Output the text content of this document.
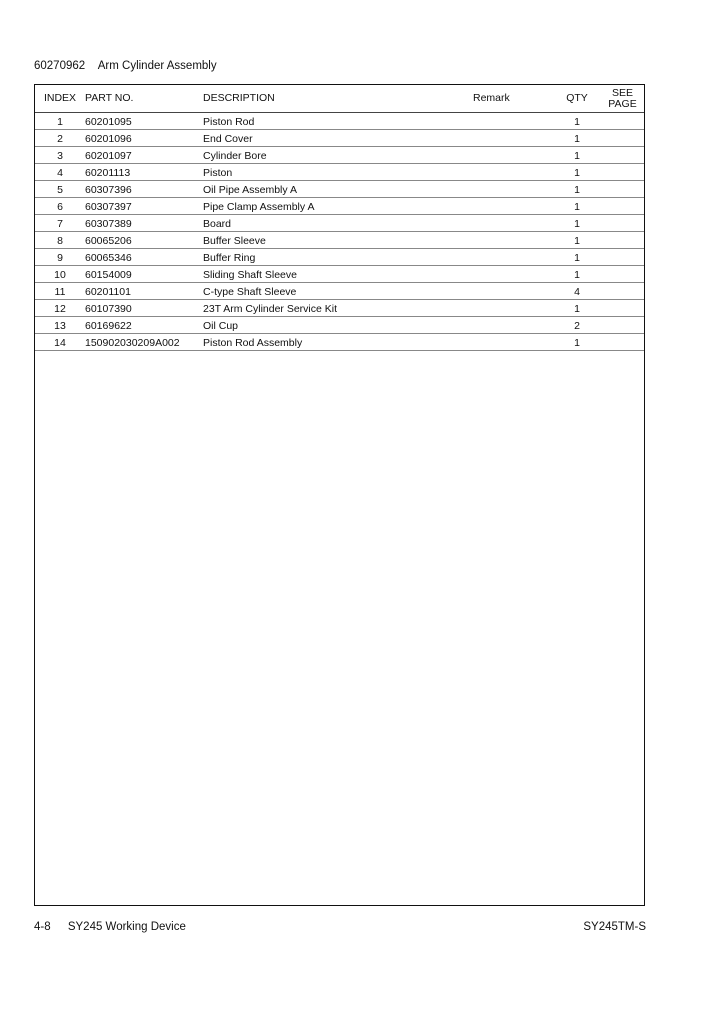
60270962 Arm Cylinder Assembly
INDEX	PART NO.	DESCRIPTION	Remark	QTY	SEE
PAGE

1	60201095	Piston Rod		1	
2	60201096	End Cover		1	
3	60201097	Cylinder Bore		1	
4	60201113	Piston		1	
5	60307396	Oil Pipe Assembly A		1	
6	60307397	Pipe Clamp Assembly A		1	
7	60307389	Board		1	
8	60065206	Buffer Sleeve		1	
9	60065346	Buffer Ring		1	
10	60154009	Sliding Shaft Sleeve		1	
11	60201101	C-type Shaft Sleeve		4	
12	60107390	23T Arm Cylinder Service Kit		1	
13	60169622	Oil Cup		2	
14	150902030209A002	Piston Rod Assembly		1	
4-8 SY245 Working Device	SY245TM-S
